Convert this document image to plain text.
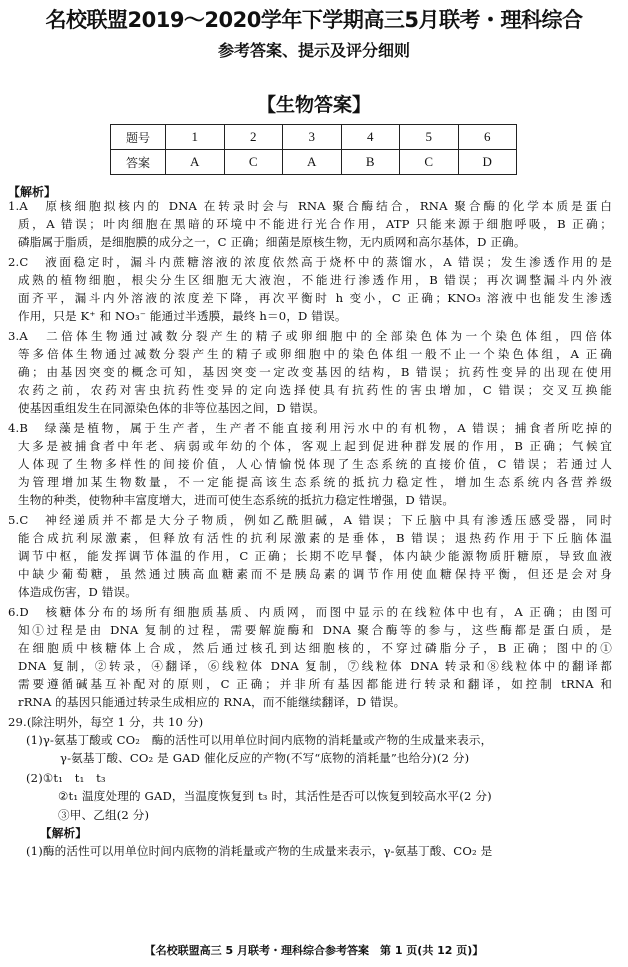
名校联盟2019～2020学年下学期高三5月联考・理科综合
参考答案、提示及评分细则
【生物答案】
题号	1	2	3	4	5	6
答案	A	C	A	B	C	D
【解析】
1.A　原核细胞拟核内的 DNA 在转录时会与 RNA 聚合酶结合，RNA 聚合酶的化学本质是蛋白
质，A 错误；叶肉细胞在黑暗的环境中不能进行光合作用，ATP 只能来源于细胞呼吸，B 正确；
磷脂属于脂质，是细胞膜的成分之一，C 正确；细菌是原核生物，无内质网和高尔基体，D 正确。
2.C　液面稳定时，漏斗内蔗糖溶液的浓度依然高于烧杯中的蒸馏水，A 错误；发生渗透作用的是
成熟的植物细胞，根尖分生区细胞无大液泡，不能进行渗透作用，B 错误；再次调整漏斗内外液
面齐平，漏斗内外溶液的浓度差下降，再次平衡时 h 变小，C 正确；KNO₃ 溶液中也能发生渗透
作用，只是 K⁺ 和 NO₃⁻ 能通过半透膜，最终 h＝0，D 错误。
3.A　二倍体生物通过减数分裂产生的精子或卵细胞中的全部染色体为一个染色体组，四倍体
等多倍体生物通过减数分裂产生的精子或卵细胞中的染色体组一般不止一个染色体组，A 正确
确；由基因突变的概念可知，基因突变一定改变基因的结构，B 错误；抗药性变异的出现在使用
农药之前，农药对害虫抗药性变异的定向选择使具有抗药性的害虫增加，C 错误；交叉互换能
使基因重组发生在同源染色体的非等位基因之间，D 错误。
4.B　绿藻是植物，属于生产者，生产者不能直接利用污水中的有机物，A 错误；捕食者所吃掉的
大多是被捕食者中年老、病弱或年幼的个体，客观上起到促进种群发展的作用，B 正确；气候宜
人体现了生物多样性的间接价值，人心情愉悦体现了生态系统的直接价值，C 错误；若通过人
为管理增加某生物数量，不一定能提高该生态系统的抵抗力稳定性，增加生态系统内各营养级
生物的种类，使物种丰富度增大，进而可使生态系统的抵抗力稳定性增强，D 错误。
5.C　神经递质并不都是大分子物质，例如乙酰胆碱，A 错误；下丘脑中具有渗透压感受器，同时
能合成抗利尿激素，但释放有活性的抗利尿激素的是垂体，B 错误；退热药作用于下丘脑体温
调节中枢，能发挥调节体温的作用，C 正确；长期不吃早餐，体内缺少能源物质肝糖原，导致血液
中缺少葡萄糖，虽然通过胰高血糖素而不是胰岛素的调节作用使血糖保持平衡，但还是会对身
体造成伤害，D 错误。
6.D　核糖体分布的场所有细胞质基质、内质网，而图中显示的在线粒体中也有，A 正确；由图可
知①过程是由 DNA 复制的过程，需要解旋酶和 DNA 聚合酶等的参与，这些酶都是蛋白质，是
在细胞质中核糖体上合成，然后通过核孔到达细胞核的，不穿过磷脂分子，B 正确；图中的①
DNA 复制，②转录，④翻译，⑥线粒体 DNA 复制，⑦线粒体 DNA 转录和⑧线粒体中的翻译都
需要遵循碱基互补配对的原则，C 正确；并非所有基因都能进行转录和翻译，如控制 tRNA 和
rRNA 的基因只能通过转录生成相应的 RNA，而不能继续翻译，D 错误。
29.(除注明外，每空 1 分，共 10 分)
(1)γ-氨基丁酸或 CO₂　酶的活性可以用单位时间内底物的消耗量或产物的生成量来表示，
γ-氨基丁酸、CO₂ 是 GAD 催化反应的产物(不写“底物的消耗量”也给分)(2 分)
(2)①t₁　t₁　t₃
②t₁ 温度处理的 GAD，当温度恢复到 t₃ 时，其活性是否可以恢复到较高水平(2 分)
③甲、乙组(2 分)
【解析】
(1)酶的活性可以用单位时间内底物的消耗量或产物的生成量来表示，γ-氨基丁酸、CO₂ 是
【名校联盟高三 5 月联考・理科综合参考答案　第 1 页(共 12 页)】
